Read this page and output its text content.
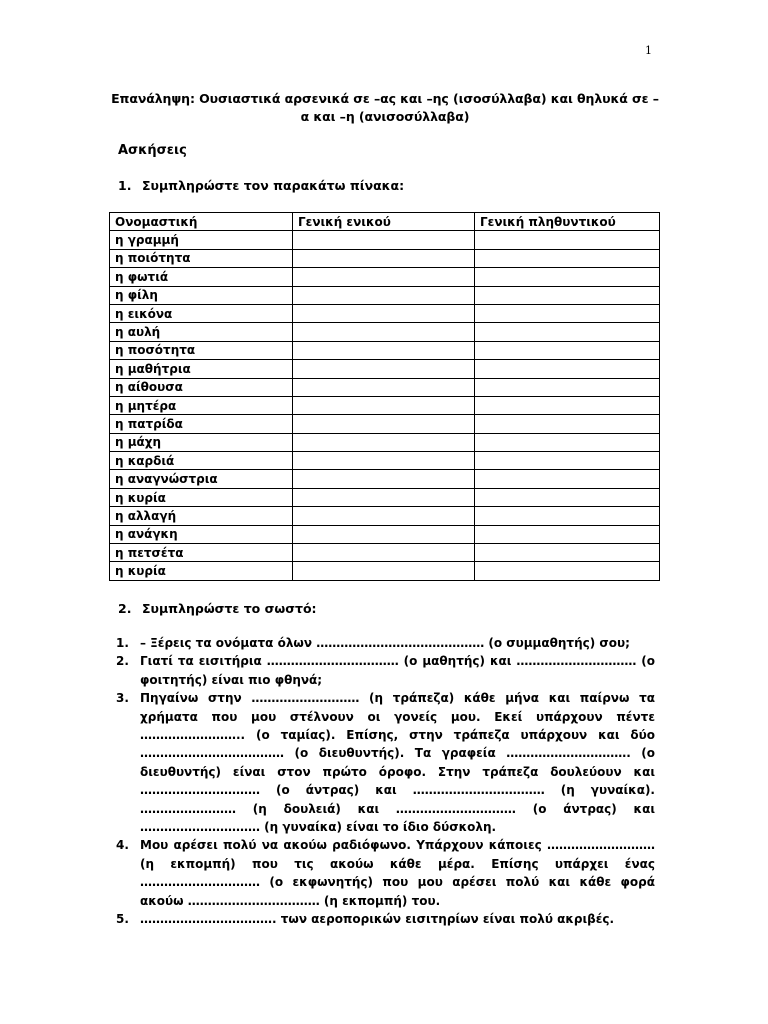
1
Επανάληψη: Ουσιαστικά αρσενικά σε –ας και –ης (ισοσύλλαβα) και θηλυκά σε –α και –η (ανισοσύλλαβα)
Ασκήσεις
1. Συμπληρώστε τον παρακάτω πίνακα:
Ονομαστική	Γενική ενικού	Γενική πληθυντικού
η γραμμή		
η ποιότητα		
η φωτιά		
η φίλη		
η εικόνα		
η αυλή		
η ποσότητα		
η μαθήτρια		
η αίθουσα		
η μητέρα		
η πατρίδα		
η μάχη		
η καρδιά		
η αναγνώστρια		
η κυρία		
η αλλαγή		
η ανάγκη		
η πετσέτα		
η κυρία		
2. Συμπληρώστε το σωστό:
1. – Ξέρεις τα ονόματα όλων …………………………………… (ο συμμαθητής) σου;
2. Γιατί τα εισιτήρια …………………………… (ο μαθητής) και ………………………… (ο φοιτητής) είναι πιο φθηνά;
3. Πηγαίνω στην ……………………… (η τράπεζα) κάθε μήνα και παίρνω τα χρήματα που μου στέλνουν οι γονείς μου. Εκεί υπάρχουν πέντε …………………….. (ο ταμίας). Επίσης, στην τράπεζα υπάρχουν και δύο ……………………………… (ο διευθυντής). Τα γραφεία …………………………. (ο διευθυντής) είναι στον πρώτο όροφο. Στην τράπεζα δουλεύουν και ………………………… (ο άντρας) και …………………………… (η γυναίκα). …………………… (η δουλειά) και ………………………… (ο άντρας) και ………………………… (η γυναίκα) είναι το ίδιο δύσκολη.
4. Μου αρέσει πολύ να ακούω ραδιόφωνο. Υπάρχουν κάποιες ……………………… (η εκπομπή) που τις ακούω κάθε μέρα. Επίσης υπάρχει ένας ………………………… (ο εκφωνητής) που μου αρέσει πολύ και κάθε φορά ακούω …………………………… (η εκπομπή) του.
5. ……………………………. των αεροπορικών εισιτηρίων είναι πολύ ακριβές.
